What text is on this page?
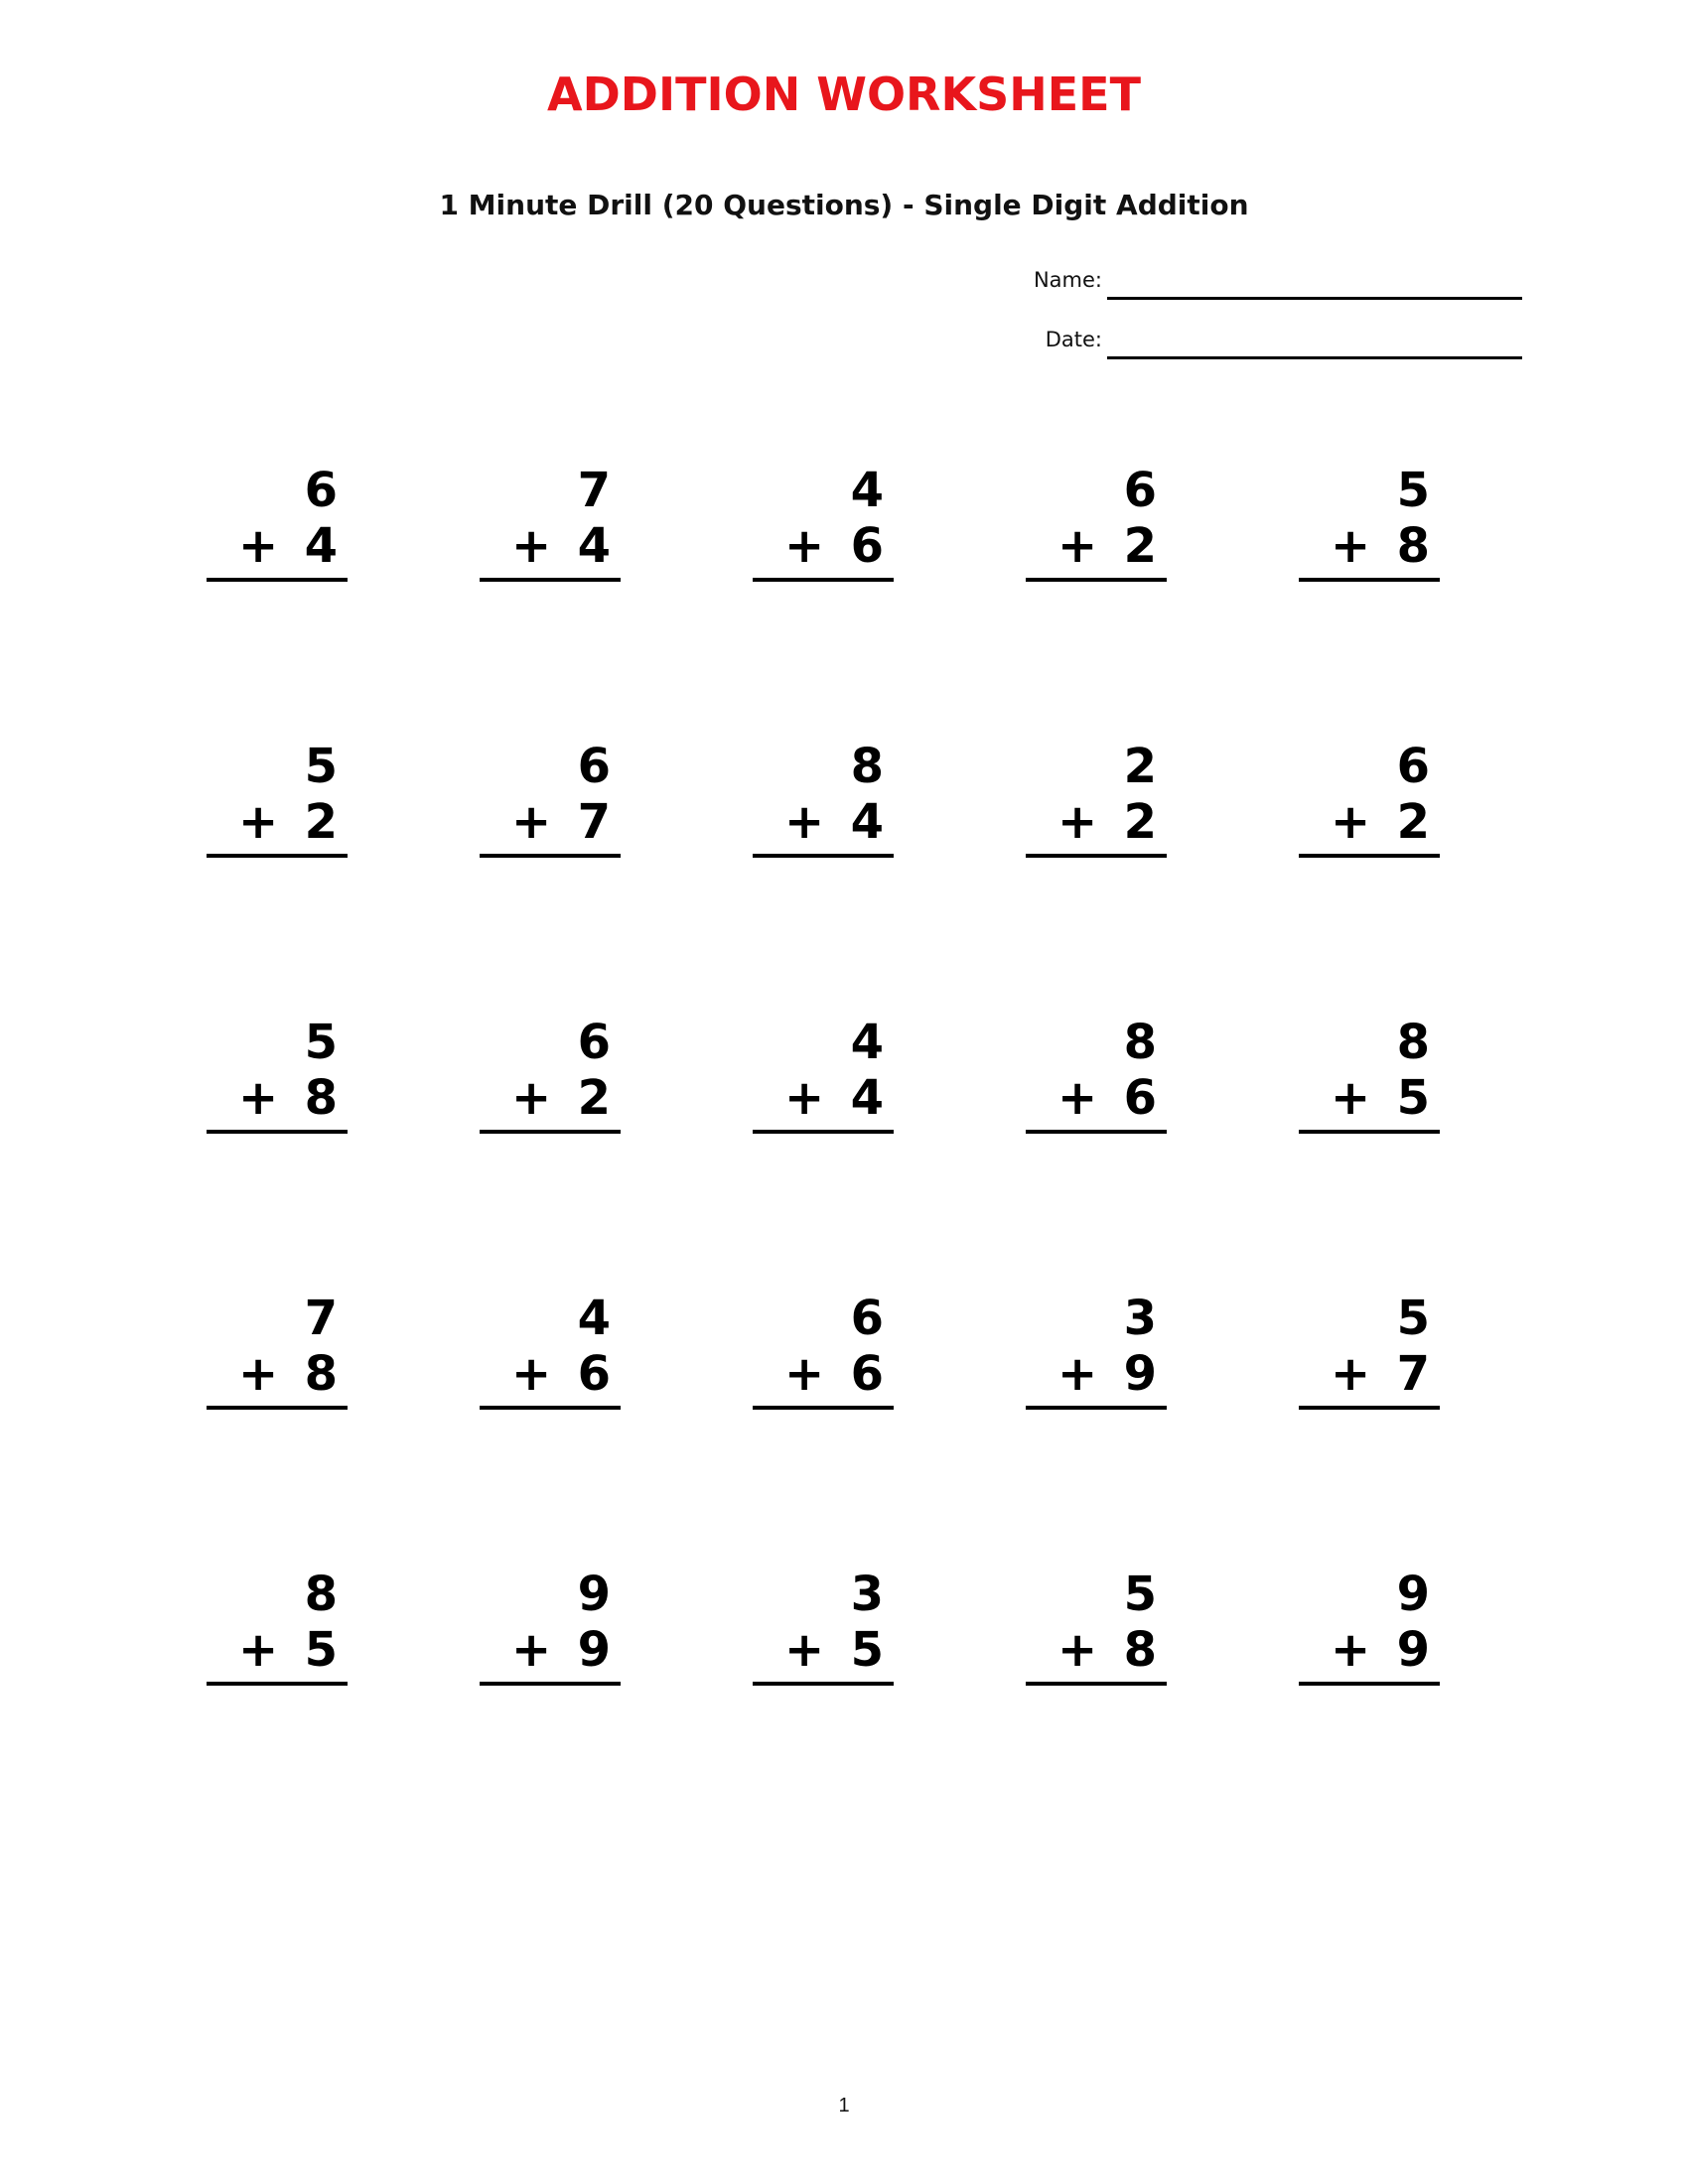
ADDITION WORKSHEET
1 Minute Drill (20 Questions) - Single Digit Addition
Name:
Date:
6
+ 4
7
+ 4
4
+ 6
6
+ 2
5
+ 8
5
+ 2
6
+ 7
8
+ 4
2
+ 2
6
+ 2
5
+ 8
6
+ 2
4
+ 4
8
+ 6
8
+ 5
7
+ 8
4
+ 6
6
+ 6
3
+ 9
5
+ 7
8
+ 5
9
+ 9
3
+ 5
5
+ 8
9
+ 9
1
